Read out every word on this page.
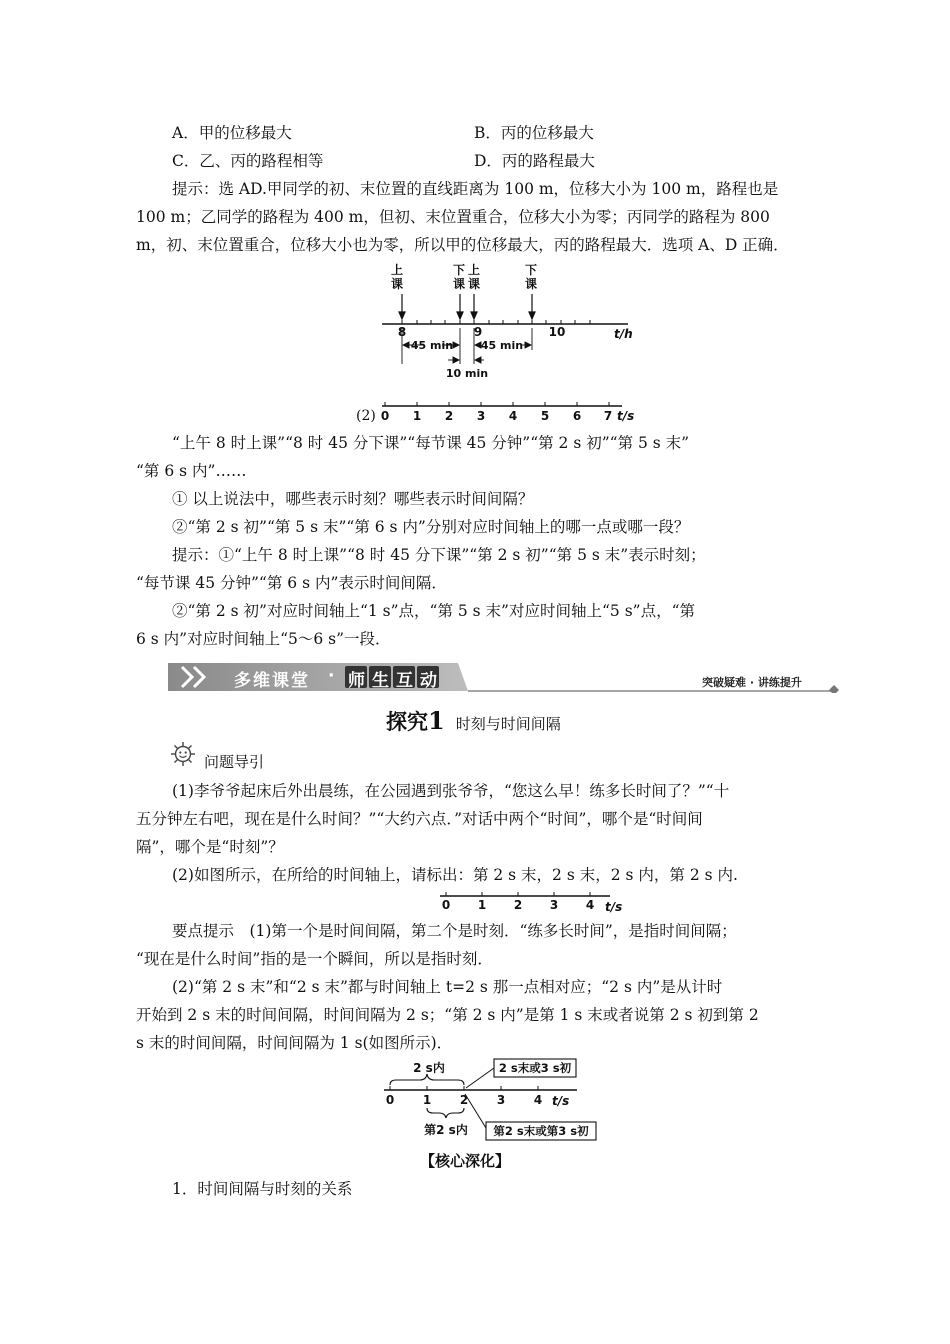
A．甲的位移最大	B．丙的位移最大
C．乙、丙的路程相等	D．丙的路程最大
提示：选 AD.甲同学的初、末位置的直线距离为 100 m，位移大小为 100 m，路程也是
100 m；乙同学的路程为 400 m，但初、末位置重合，位移大小为零；丙同学的路程为 800
m，初、末位置重合，位移大小也为零，所以甲的位移最大，丙的路程最大．选项 A、D 正确．
上课
下课
上课
下课
8	9	10	t/h
45 min	45 min
10 min
(2) 0 1 2 3 4 5 6 7 t/s
“上午 8 时上课”“8 时 45 分下课”“每节课 45 分钟”“第 2 s 初”“第 5 s 末”
“第 6 s 内”……
① 以上说法中，哪些表示时刻？哪些表示时间间隔？
②“第 2 s 初”“第 5 s 末”“第 6 s 内”分别对应时间轴上的哪一点或哪一段？
提示：①“上午 8 时上课”“8 时 45 分下课”“第 2 s 初”“第 5 s 末”表示时刻；
“每节课 45 分钟”“第 6 s 内”表示时间间隔．
②“第 2 s 初”对应时间轴上“1 s”点，“第 5 s 末”对应时间轴上“5 s”点，“第
6 s 内”对应时间轴上“5～6 s”一段．
多维课堂 · 师生互动	突破疑难 · 讲练提升
探究1 时刻与时间间隔
问题导引
(1)李爷爷起床后外出晨练，在公园遇到张爷爷，“您这么早！练多长时间了？”“十
五分钟左右吧，现在是什么时间？”“大约六点．”对话中两个“时间”，哪个是“时间间
隔”，哪个是“时刻”？
(2)如图所示，在所给的时间轴上，请标出：第 2 s 末，2 s 末，2 s 内，第 2 s 内.
0 1 2 3 4 t/s
要点提示　(1)第一个是时间间隔，第二个是时刻．“练多长时间”，是指时间间隔；
“现在是什么时间”指的是一个瞬间，所以是指时刻．
(2)“第 2 s 末”和“2 s 末”都与时间轴上 t=2 s 那一点相对应；“2 s 内”是从计时
开始到 2 s 末的时间间隔，时间间隔为 2 s；“第 2 s 内”是第 1 s 末或者说第 2 s 初到第 2
s 末的时间间隔，时间间隔为 1 s(如图所示)．
2 s内	2 s末或3 s初
0 1 2 3 4 t/s
第2 s内 第2 s末或第3 s初
【核心深化】
1．时间间隔与时刻的关系
